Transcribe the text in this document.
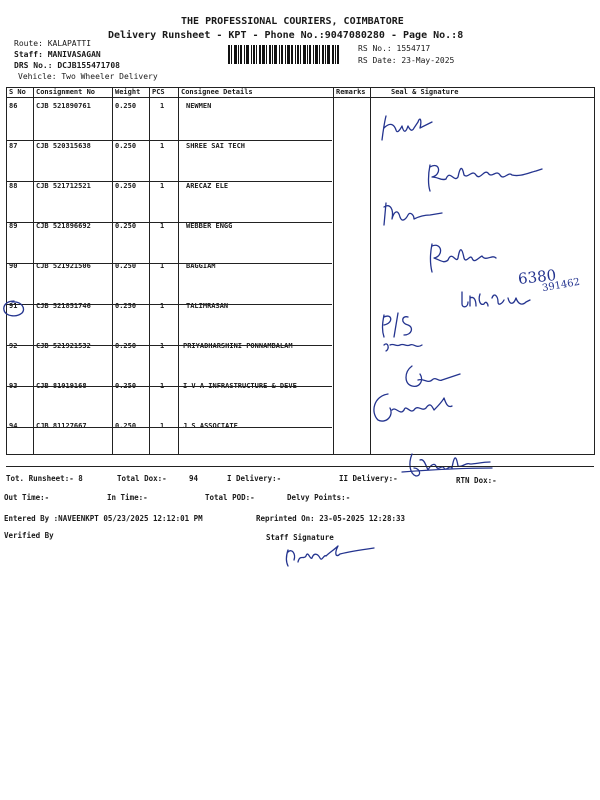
THE PROFESSIONAL COURIERS, COIMBATORE
Delivery Runsheet - KPT - Phone No.:9047080280 - Page No.:8
Route: KALAPATTI
Staff: MANIVASAGAN
DRS No.: DCJB155471708
Vehicle: Two Wheeler Delivery
RS No.: 1554717
RS Date: 23-May-2025
S No	Consignment No	Weight	PCS	Consignee Details	Remarks	Seal & Signature

86	CJB 521890761	0.250	1	NEWMEN		

87	CJB 520315638	0.250	1	SHREE SAI TECH		

88	CJB 521712521	0.250	1	ARECAZ ELE		

89	CJB 521896692	0.250	1	WEBBER ENGG		

90	CJB 521921506	0.250	1	BAGGIAM		

91	CJB 521851746	0.250	1	TALIMRASAN		

92	CJB 521921532	0.250	1	PRIYADHARSHINI PONNAMBALAM		

93	CJB 81019168	0.250	1	I V A INFRASTRUCTURE & DEVE		

94	CJB 81127667	0.250	1	J S ASSOCIATE		

6380
391462
P/S
pers
Tot. Runsheet:- 8	Total Dox:-	94	I Delivery:-	II Delivery:-	RTN Dox:-
Out Time:-	In Time:-	Total POD:-	Delvy Points:-
Entered By :NAVEENKPT 05/23/2025 12:12:01 PM	Reprinted On: 23-05-2025 12:28:33
Verified By	Staff Signature
